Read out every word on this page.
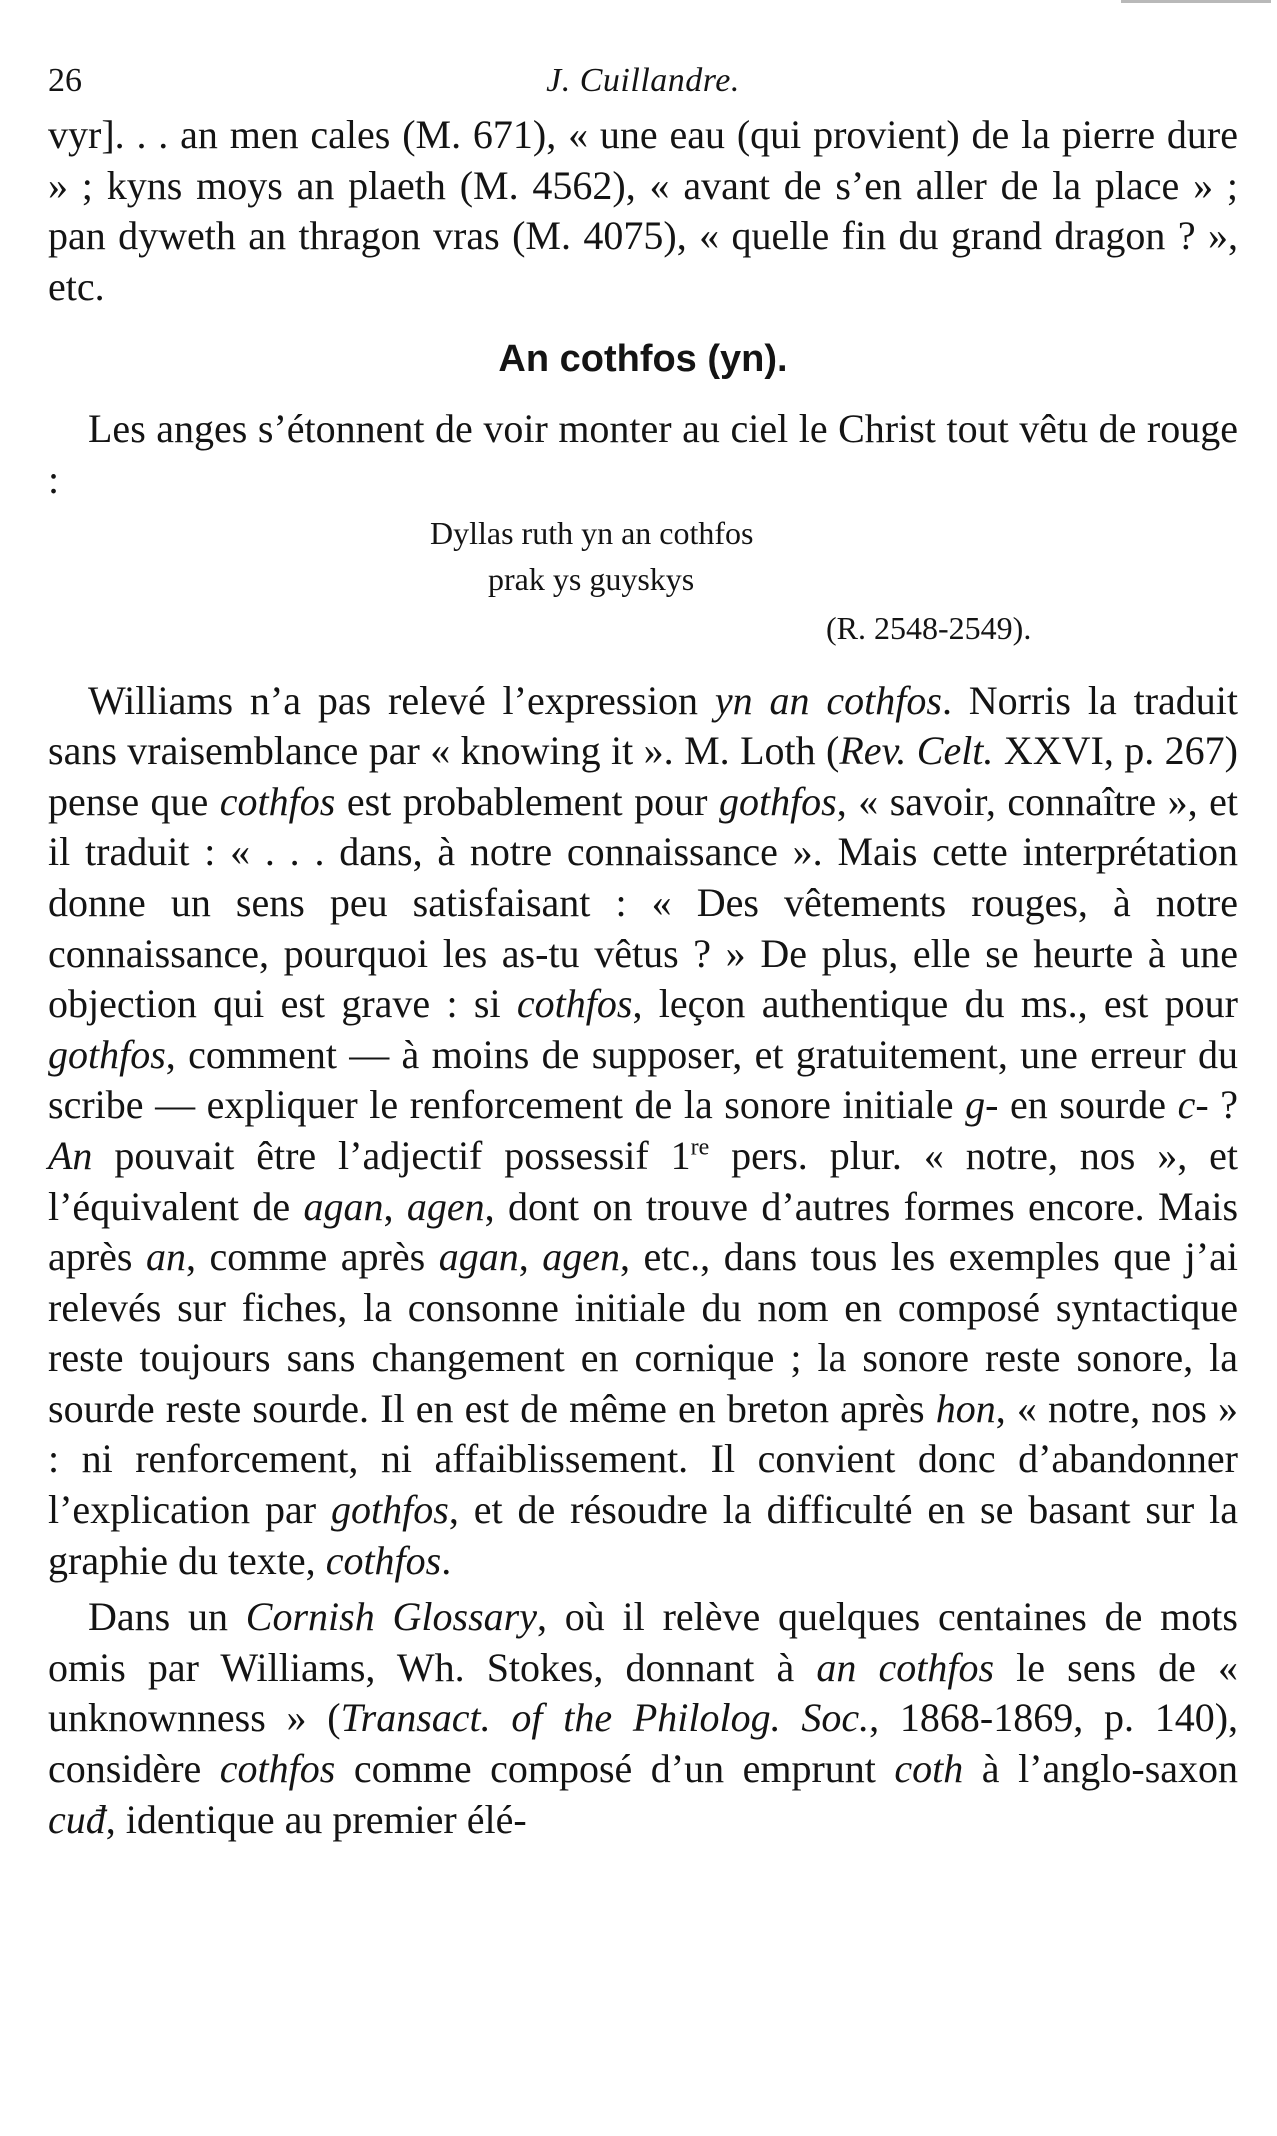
26	J. Cuillandre.

vyr]. . . an men cales (M. 671), « une eau (qui provient) de la pierre dure » ; kyns moys an plaeth (M. 4562), « avant de s’en aller de la place » ; pan dyweth an thragon vras (M. 4075), « quelle fin du grand dragon ? », etc.

An cothfos (yn).

Les anges s’étonnent de voir monter au ciel le Christ tout vêtu de rouge :

Dyllas ruth yn an cothfos
prak ys guyskys
(R. 2548-2549).

Williams n’a pas relevé l’expression yn an cothfos. Norris la traduit sans vraisemblance par « knowing it ». M. Loth (Rev. Celt. XXVI, p. 267) pense que cothfos est probablement pour gothfos, « savoir, connaître », et il traduit : « . . . dans, à notre connaissance ». Mais cette interprétation donne un sens peu satisfaisant : « Des vêtements rouges, à notre connaissance, pourquoi les as-tu vêtus ? » De plus, elle se heurte à une objection qui est grave : si cothfos, leçon authentique du ms., est pour gothfos, comment — à moins de supposer, et gratuitement, une erreur du scribe — expliquer le renforcement de la sonore initiale g- en sourde c- ? An pouvait être l’adjectif possessif 1re pers. plur. « notre, nos », et l’équivalent de agan, agen, dont on trouve d’autres formes encore. Mais après an, comme après agan, agen, etc., dans tous les exemples que j’ai relevés sur fiches, la consonne initiale du nom en composé syntactique reste toujours sans changement en cornique ; la sonore reste sonore, la sourde reste sourde. Il en est de même en breton après hon, « notre, nos » : ni renforcement, ni affaiblissement. Il convient donc d’abandonner l’explication par gothfos, et de résoudre la difficulté en se basant sur la graphie du texte, cothfos.

Dans un Cornish Glossary, où il relève quelques centaines de mots omis par Williams, Wh. Stokes, donnant à an cothfos le sens de « unknownness » (Transact. of the Philolog. Soc., 1868-1869, p. 140), considère cothfos comme composé d’un emprunt coth à l’anglo-saxon cuđ, identique au premier élé-
